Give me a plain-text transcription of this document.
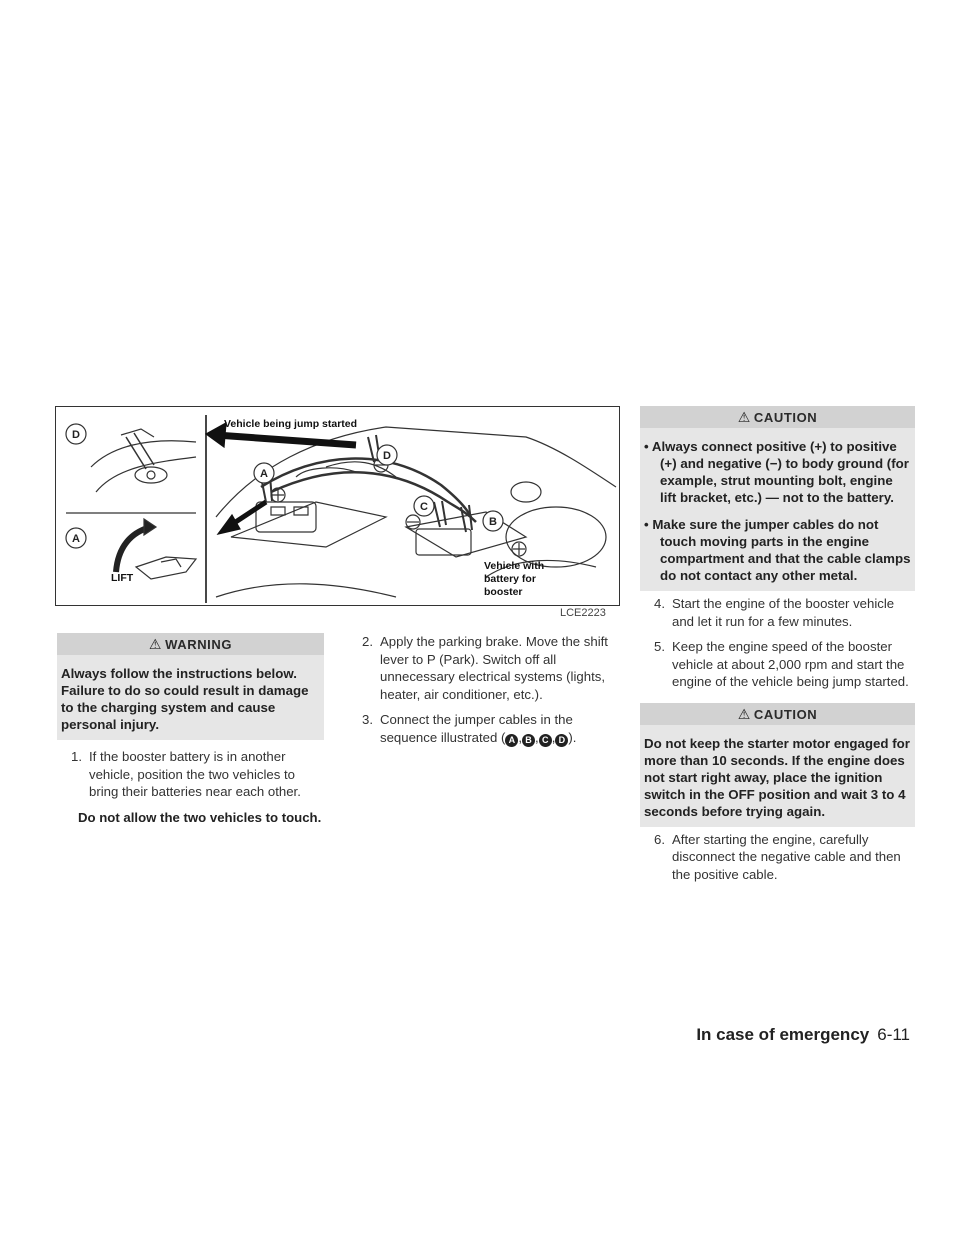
D
A
A
D
C
B
LIFT
Vehicle being jump started
Vehicle with
battery for
booster
LCE2223
⚠ WARNING

Always follow the instructions below. Failure to do so could result in damage to the charging system and cause personal injury.

1. If the booster battery is in another vehicle, position the two vehicles to bring their batteries near each other.
Do not allow the two vehicles to touch.
2. Apply the parking brake. Move the shift lever to P (Park). Switch off all unnecessary electrical systems (lights, heater, air conditioner, etc.).
3. Connect the jumper cables in the sequence illustrated ( A , B , C , D ).
⚠ CAUTION
• Always connect positive (+) to positive (+) and negative (−) to body ground (for example, strut mounting bolt, engine lift bracket, etc.) — not to the battery.
• Make sure the jumper cables do not touch moving parts in the engine compartment and that the cable clamps do not contact any other metal.
4. Start the engine of the booster vehicle and let it run for a few minutes.
5. Keep the engine speed of the booster vehicle at about 2,000 rpm and start the engine of the vehicle being jump started.
⚠ CAUTION

Do not keep the starter motor engaged for more than 10 seconds. If the engine does not start right away, place the ignition switch in the OFF position and wait 3 to 4 seconds before trying again.

6. After starting the engine, carefully disconnect the negative cable and then the positive cable.
In case of emergency 6-11
